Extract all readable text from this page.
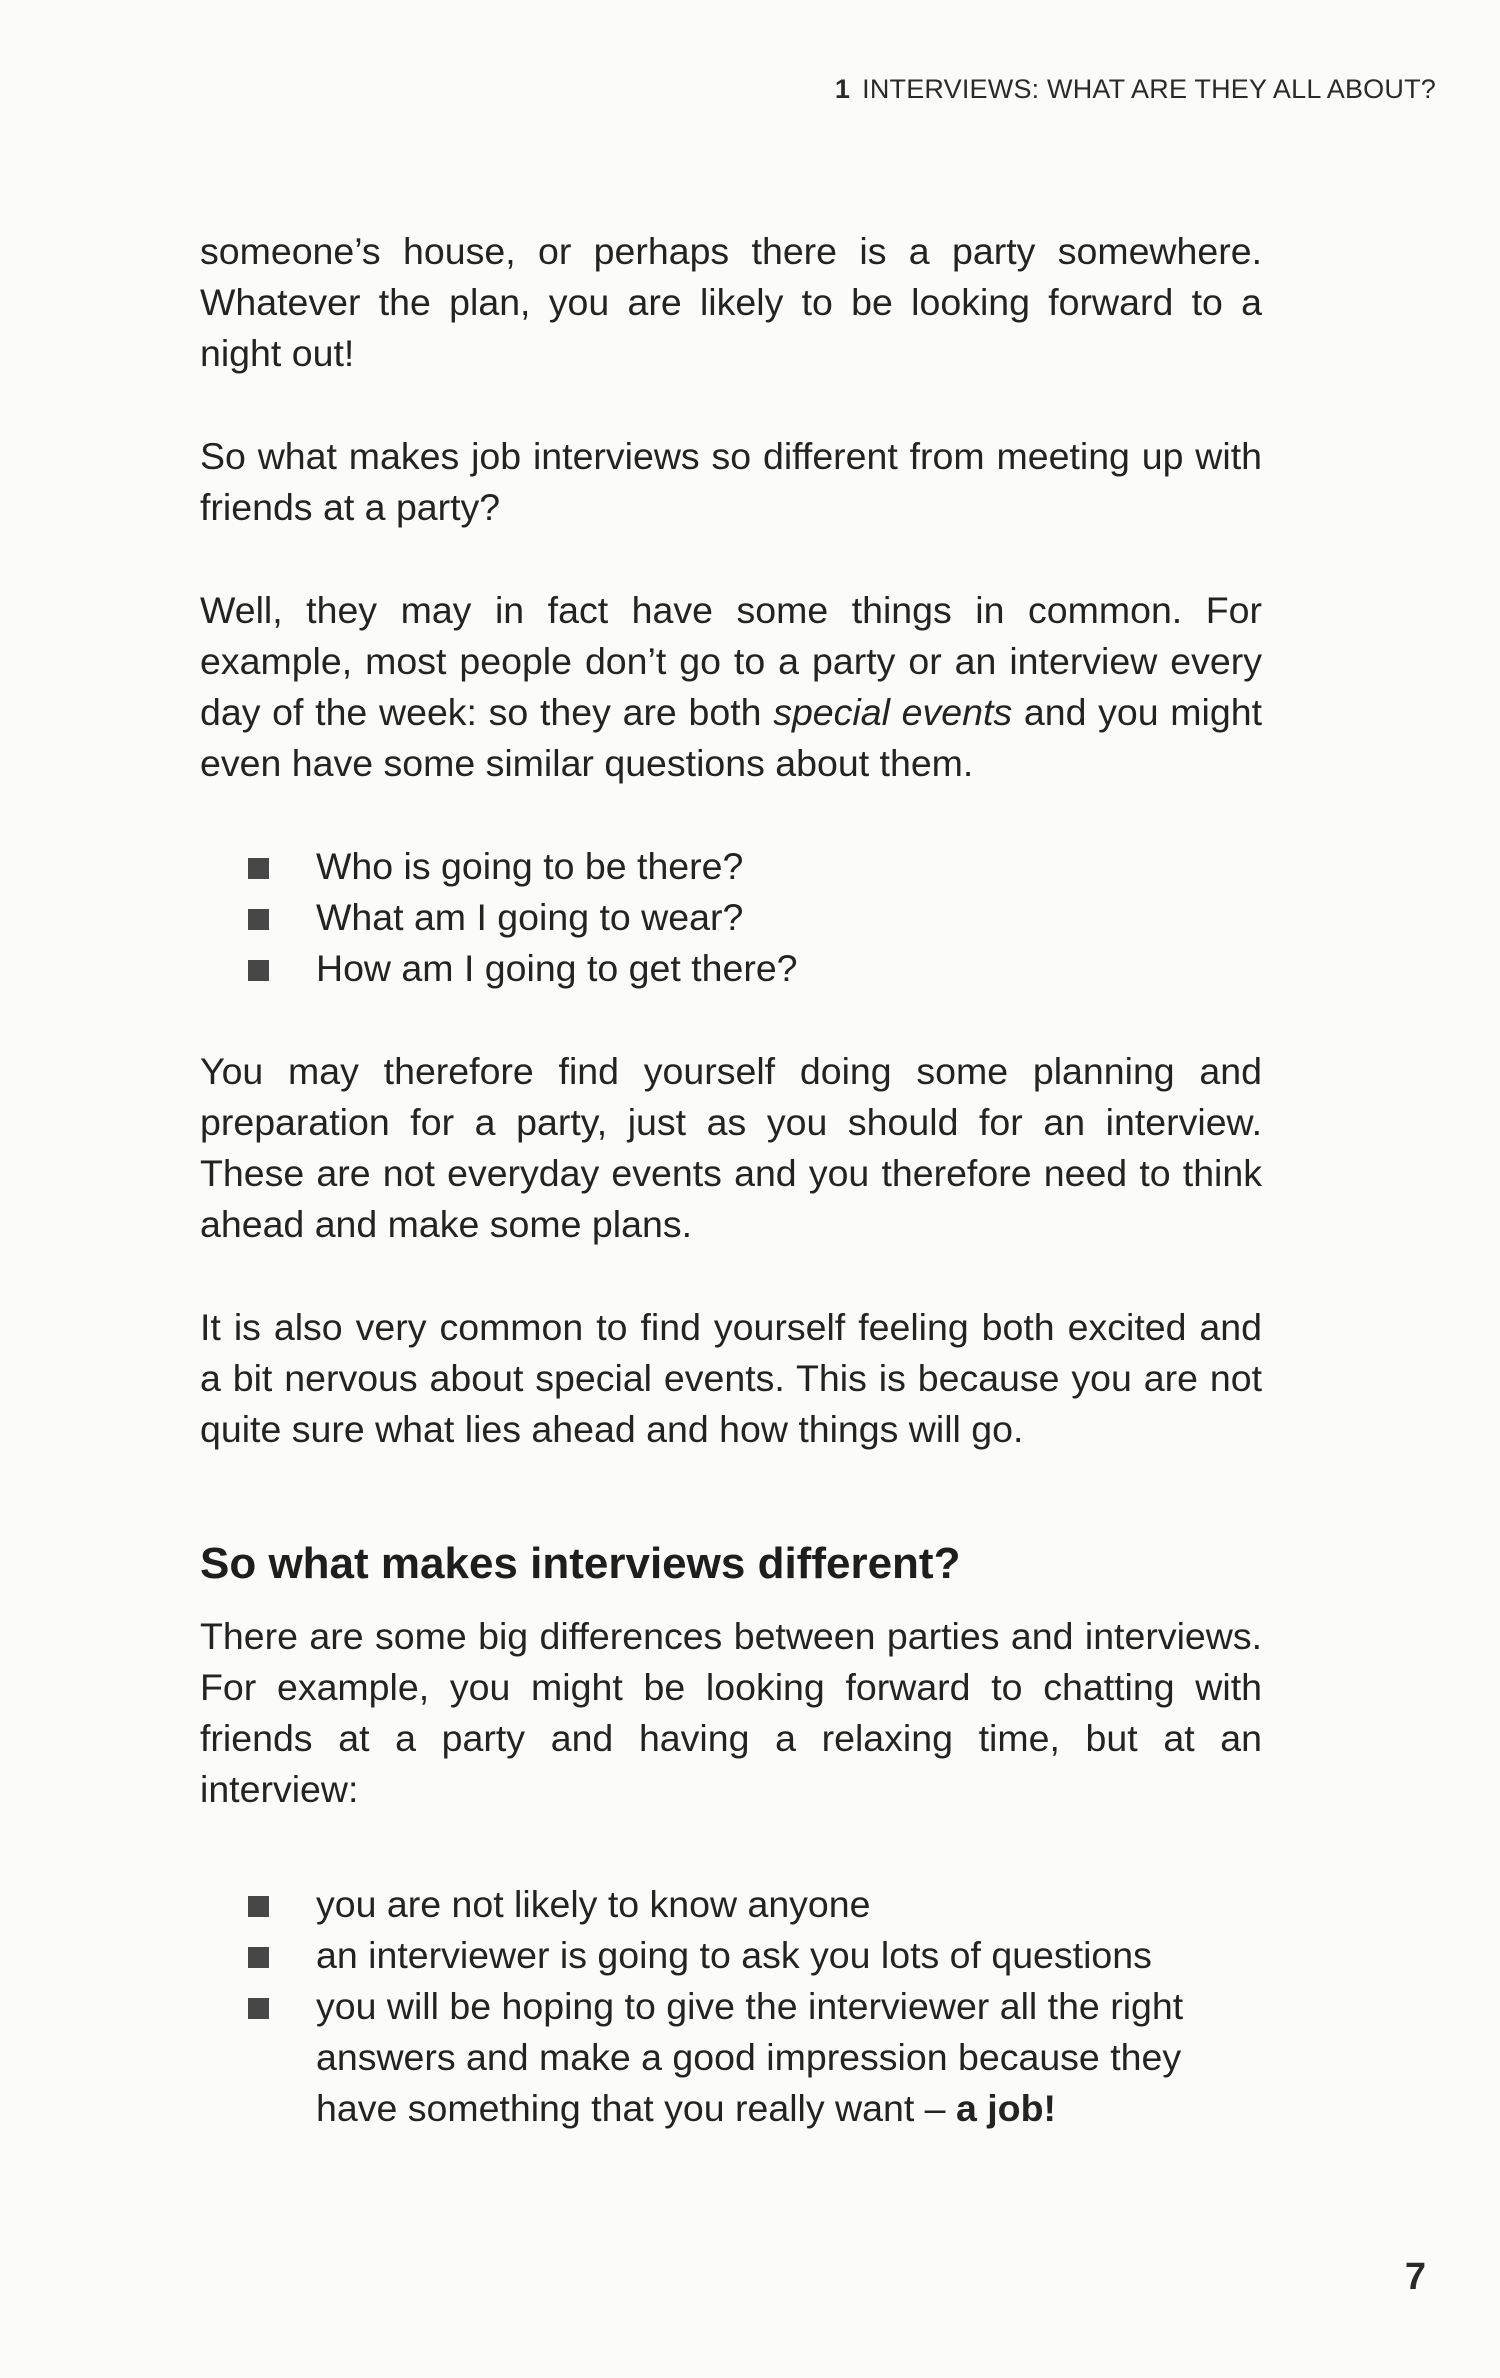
1 INTERVIEWS: WHAT ARE THEY ALL ABOUT?

someone’s house, or perhaps there is a party somewhere. Whatever the plan, you are likely to be looking forward to a night out!

So what makes job interviews so different from meeting up with friends at a party?

Well, they may in fact have some things in common. For example, most people don’t go to a party or an interview every day of the week: so they are both special events and you might even have some similar questions about them.

Who is going to be there?
What am I going to wear?
How am I going to get there?

You may therefore find yourself doing some planning and preparation for a party, just as you should for an interview. These are not everyday events and you therefore need to think ahead and make some plans.

It is also very common to find yourself feeling both excited and a bit nervous about special events. This is because you are not quite sure what lies ahead and how things will go.

So what makes interviews different?

There are some big differences between parties and interviews. For example, you might be looking forward to chatting with friends at a party and having a relaxing time, but at an interview:

you are not likely to know anyone
an interviewer is going to ask you lots of questions
you will be hoping to give the interviewer all the right answers and make a good impression because they have something that you really want – a job!
7
